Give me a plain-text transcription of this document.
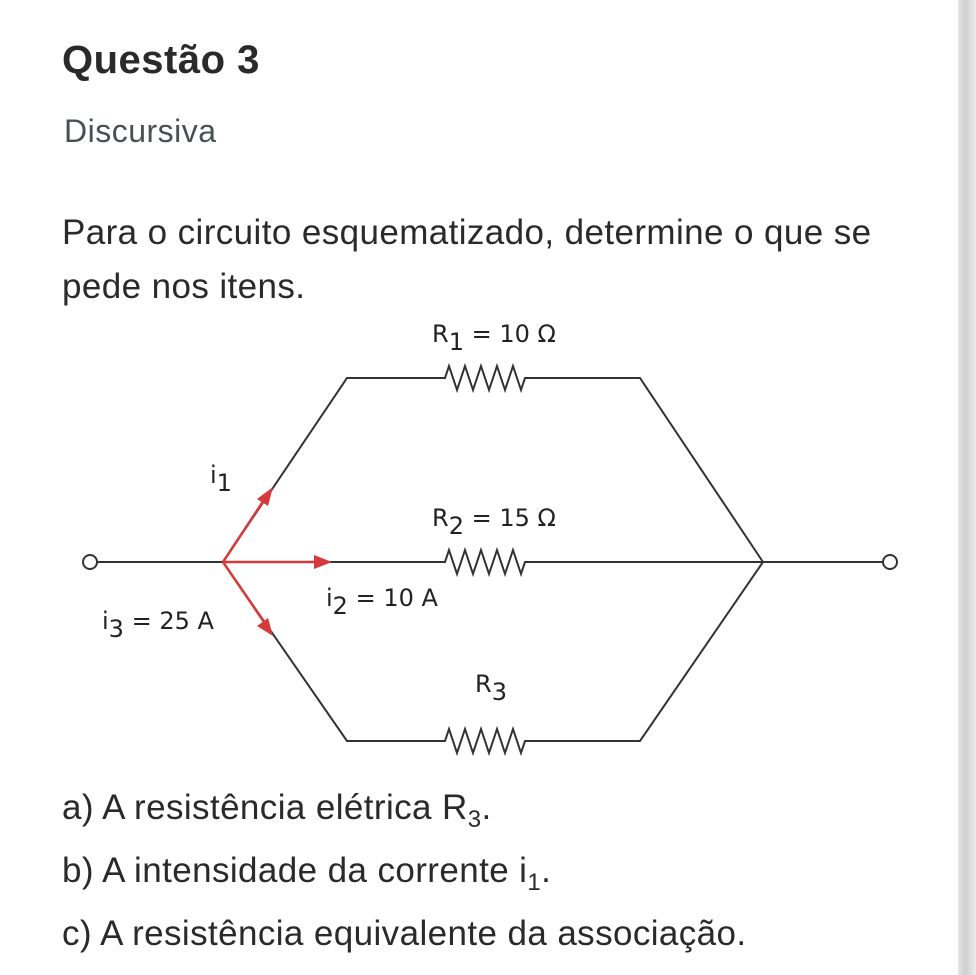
Questão 3
Discursiva
Para o circuito esquematizado, determine o que se pede nos itens.
R1 = 10 Ω
R2 = 15 Ω
R3
i1
i2 = 10 A
i3 = 25 A
a) A resistência elétrica $R_3$.
b) A intensidade da corrente $i_1$.
c) A resistência equivalente da associação.
